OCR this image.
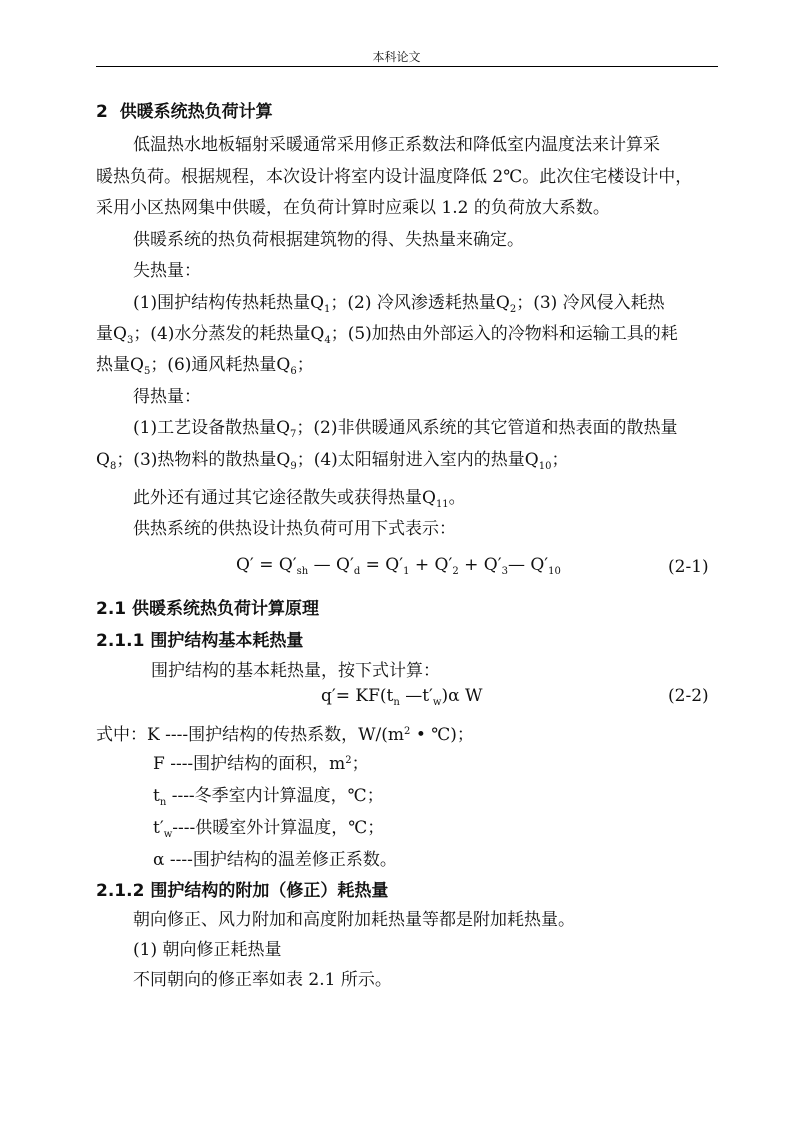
本科论文
2 供暖系统热负荷计算
低温热水地板辐射采暖通常采用修正系数法和降低室内温度法来计算采
暖热负荷。根据规程，本次设计将室内设计温度降低 2℃。此次住宅楼设计中，
采用小区热网集中供暖，在负荷计算时应乘以 1.2 的负荷放大系数。
供暖系统的热负荷根据建筑物的得、失热量来确定。
失热量：
(1)围护结构传热耗热量$Q_1$；(2) 冷风渗透耗热量$Q_2$；(3) 冷风侵入耗热
量$Q_3$；(4)水分蒸发的耗热量$Q_4$；(5)加热由外部运入的冷物料和运输工具的耗
热量$Q_5$；(6)通风耗热量$Q_6$；
得热量：
(1)工艺设备散热量$Q_7$；(2)非供暖通风系统的其它管道和热表面的散热量
$Q_8$；(3)热物料的散热量$Q_9$；(4)太阳辐射进入室内的热量$Q_{10}$；
此外还有通过其它途径散失或获得热量$Q_{11}$。
供热系统的供热设计热负荷可用下式表示：
$Q' = Q'_{sh}$ — $Q'_d = Q'_1 + Q'_2$ + $Q'_3—$ $Q'_{10}$	(2-1)
2.1 供暖系统热负荷计算原理
2.1.1 围护结构基本耗热量
围护结构的基本耗热量，按下式计算：
$q'= KF(t_n$ $—t'_w)\alpha$ W	(2-2)
式中：K ----围护结构的传热系数，$W/(m^2$ • ℃)；
F ----围护结构的面积，$m^2$；
$t_n$ ----冬季室内计算温度，℃；
$t'_w----$供暖室外计算温度，℃；
α ----围护结构的温差修正系数。
2.1.2 围护结构的附加（修正）耗热量
朝向修正、风力附加和高度附加耗热量等都是附加耗热量。
(1) 朝向修正耗热量
不同朝向的修正率如表 2.1 所示。
